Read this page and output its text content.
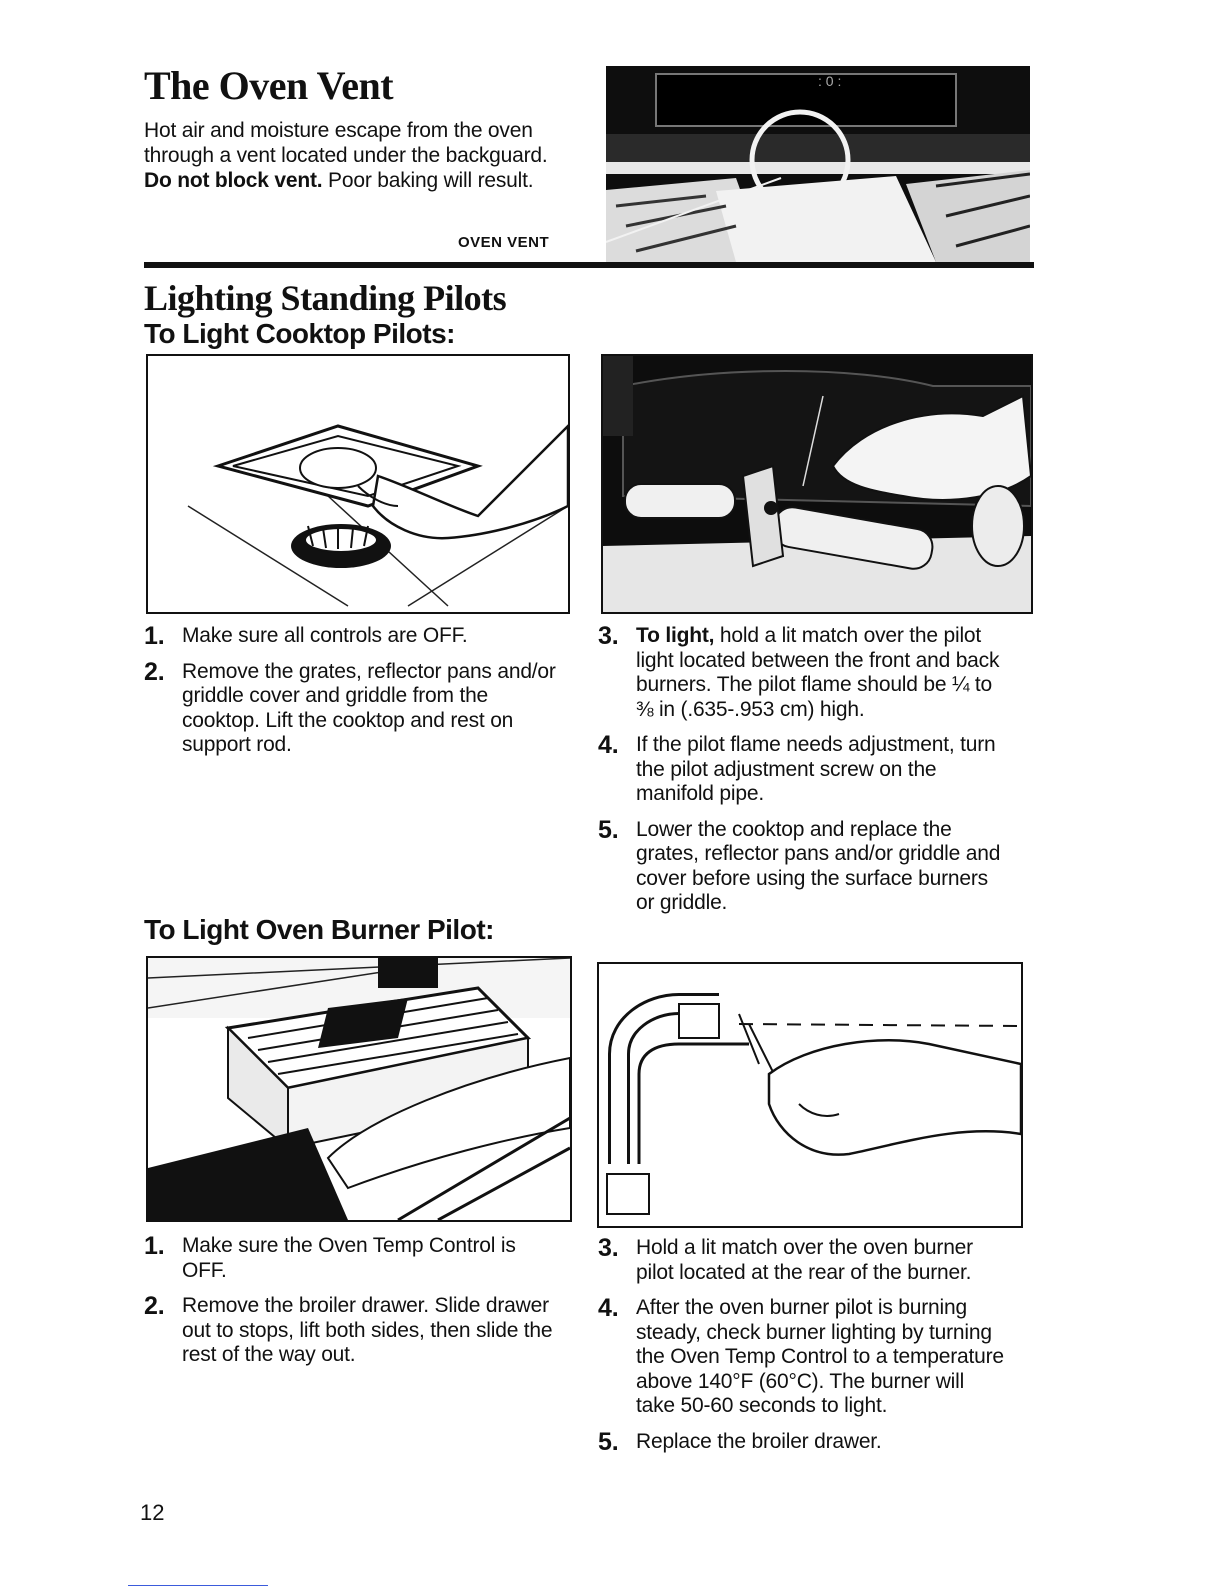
The Oven Vent
Hot air and moisture escape from the oven through a vent located under the backguard. Do not block vent. Poor baking will result.
OVEN VENT
: 0 :
Lighting Standing Pilots
To Light Cooktop Pilots:
1. Make sure all controls are OFF.
2. Remove the grates, reflector pans and/or griddle cover and griddle from the cooktop. Lift the cooktop and rest on support rod.
3. To light, hold a lit match over the pilot light located between the front and back burners. The pilot flame should be ¼ to ⅜ in (.635-.953 cm) high.
4. If the pilot flame needs adjustment, turn the pilot adjustment screw on the manifold pipe.
5. Lower the cooktop and replace the grates, reflector pans and/or griddle and cover before using the surface burners or griddle.
To Light Oven Burner Pilot:
1. Make sure the Oven Temp Control is OFF.
2. Remove the broiler drawer. Slide drawer out to stops, lift both sides, then slide the rest of the way out.
3. Hold a lit match over the oven burner pilot located at the rear of the burner.
4. After the oven burner pilot is burning steady, check burner lighting by turning the Oven Temp Control to a temperature above 140°F (60°C). The burner will take 50-60 seconds to light.
5. Replace the broiler drawer.
12
